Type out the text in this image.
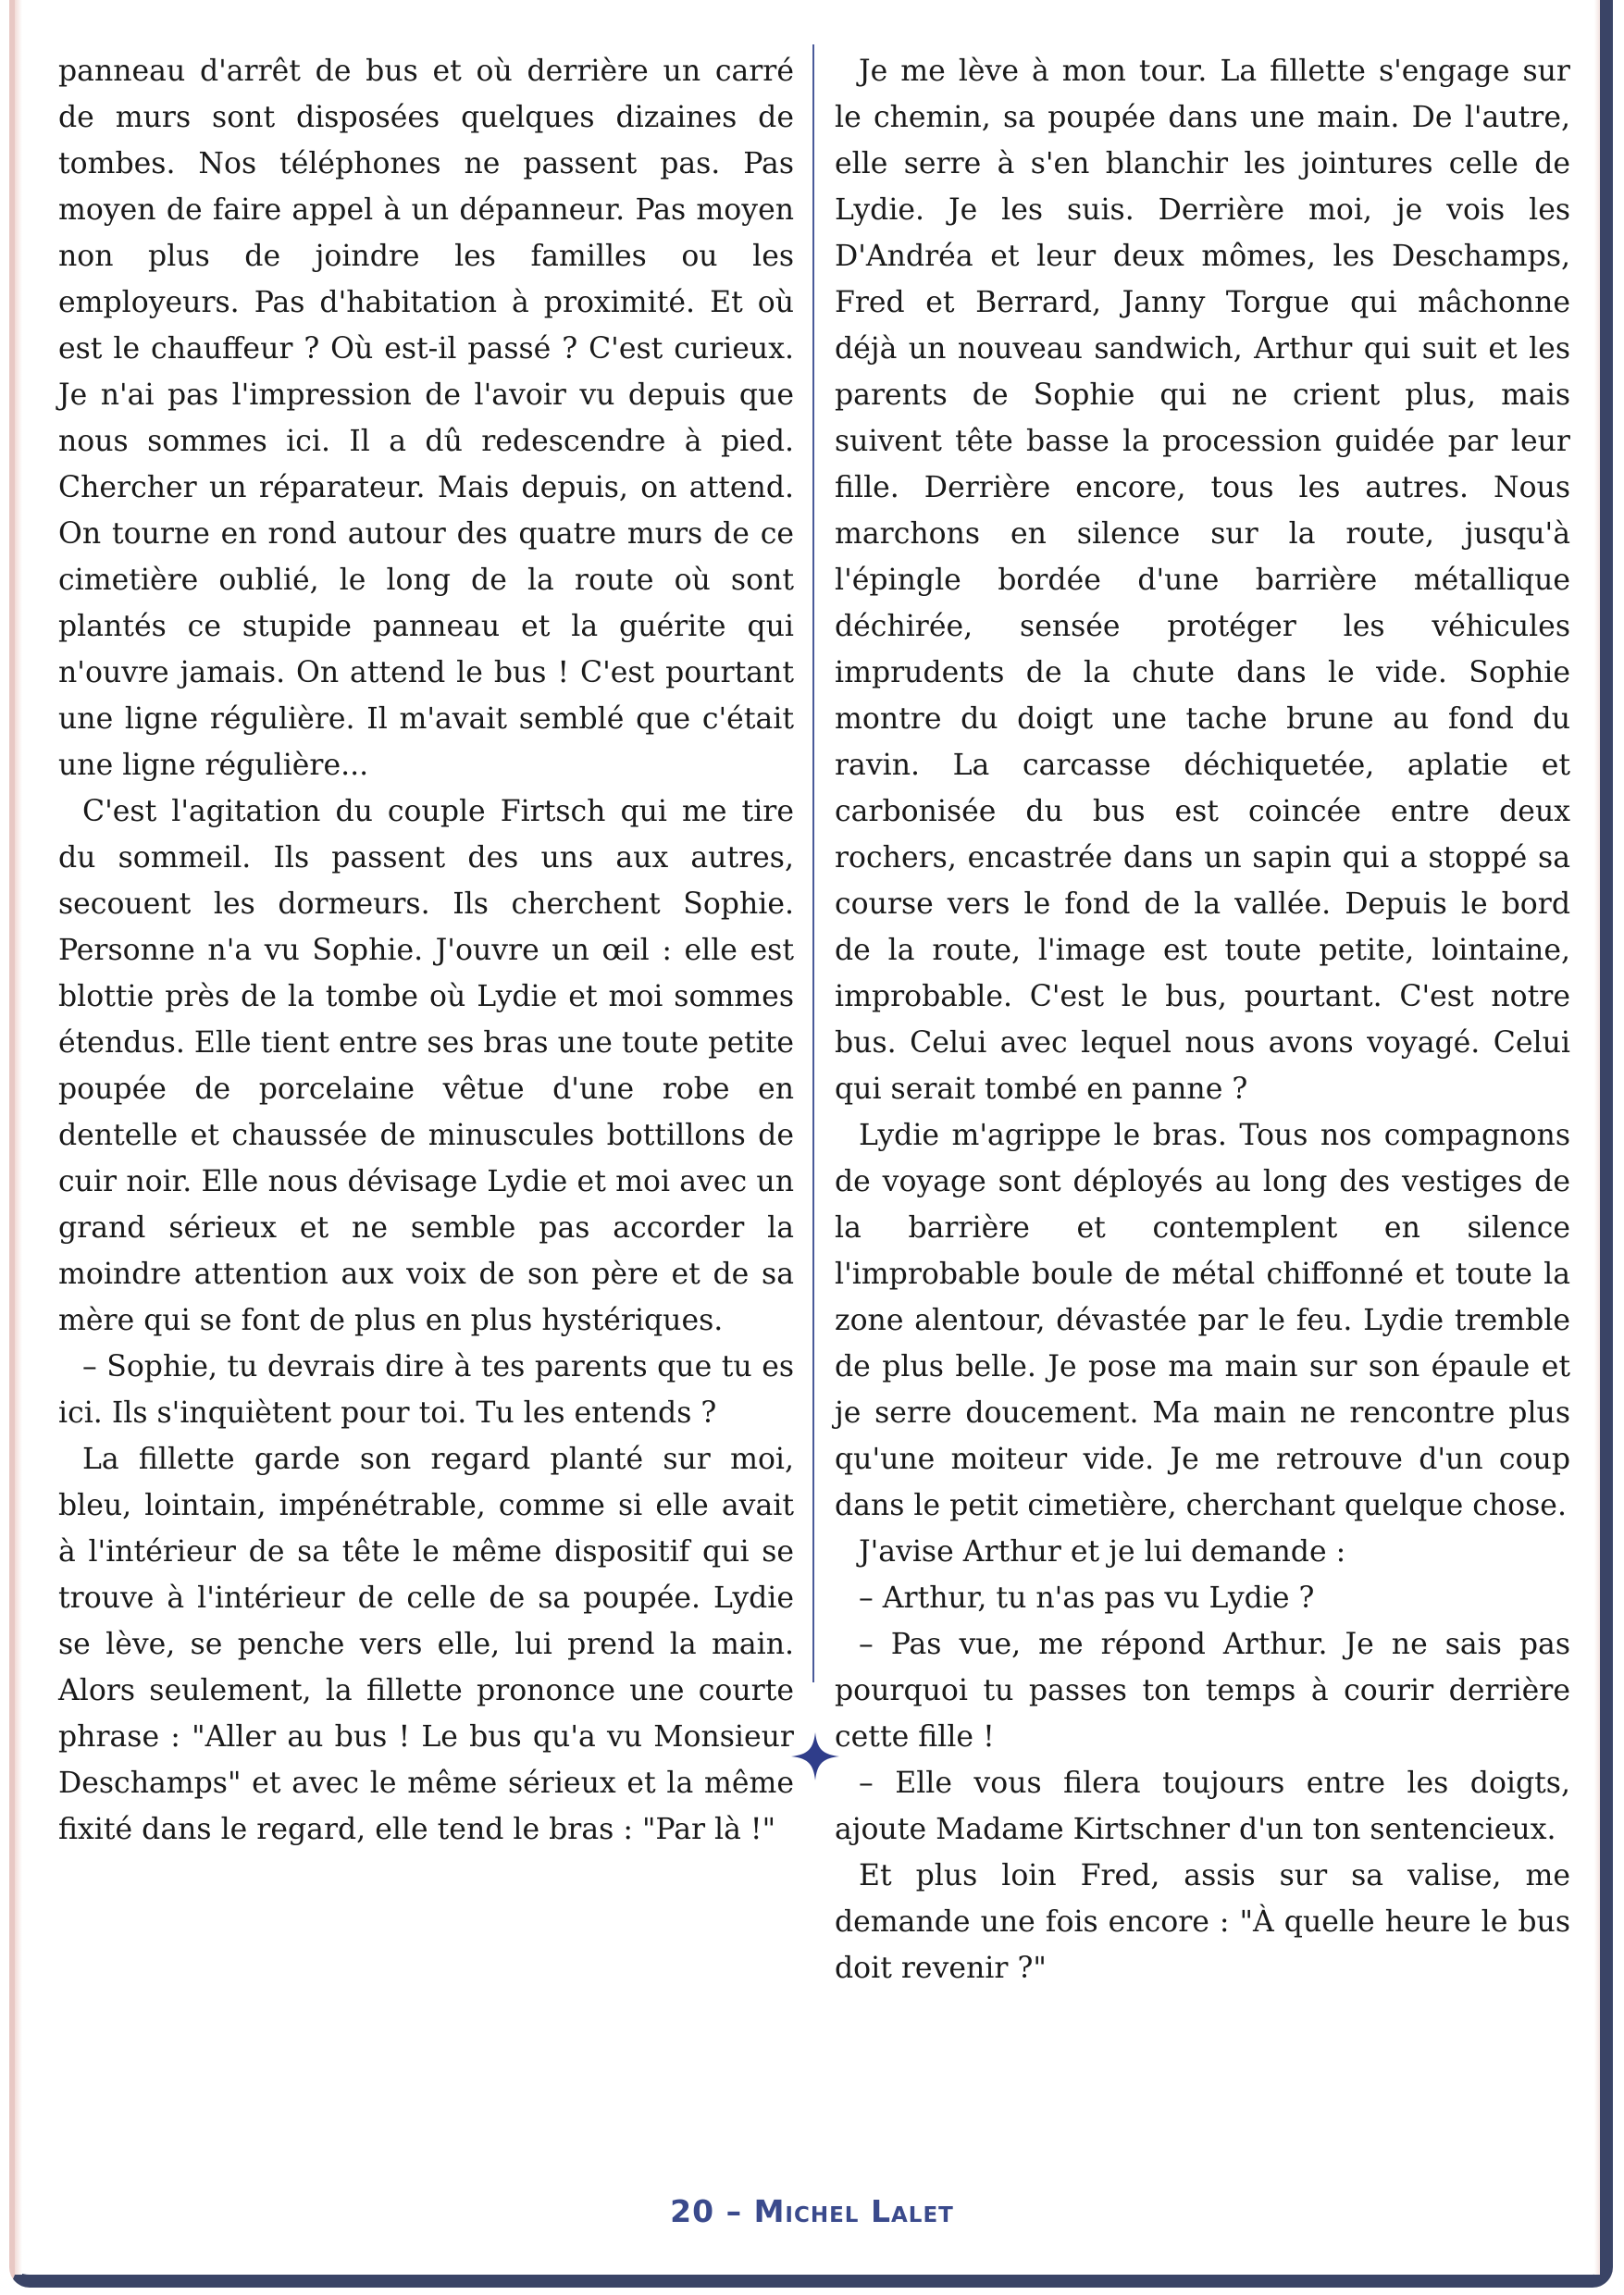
panneau d'arrêt de bus et où derrière un carré de murs sont disposées quelques dizaines de tombes. Nos téléphones ne passent pas. Pas moyen de faire appel à un dépanneur. Pas moyen non plus de joindre les familles ou les employeurs. Pas d'habitation à proximité. Et où est le chauffeur ? Où est-il passé ? C'est curieux. Je n'ai pas l'impression de l'avoir vu depuis que nous sommes ici. Il a dû redescendre à pied. Chercher un réparateur. Mais depuis, on attend. On tourne en rond autour des quatre murs de ce cimetière oublié, le long de la route où sont plantés ce stupide panneau et la guérite qui n'ouvre jamais. On attend le bus ! C'est pourtant une ligne régulière. Il m'avait semblé que c'était une ligne régulière...

C'est l'agitation du couple Firtsch qui me tire du sommeil. Ils passent des uns aux autres, secouent les dormeurs. Ils cherchent Sophie. Personne n'a vu Sophie. J'ouvre un œil : elle est blottie près de la tombe où Lydie et moi sommes étendus. Elle tient entre ses bras une toute petite poupée de porcelaine vêtue d'une robe en dentelle et chaussée de minuscules bottillons de cuir noir. Elle nous dévisage Lydie et moi avec un grand sérieux et ne semble pas accorder la moindre attention aux voix de son père et de sa mère qui se font de plus en plus hystériques.

– Sophie, tu devrais dire à tes parents que tu es ici. Ils s'inquiètent pour toi. Tu les entends ?

La fillette garde son regard planté sur moi, bleu, lointain, impénétrable, comme si elle avait à l'intérieur de sa tête le même dispositif qui se trouve à l'intérieur de celle de sa poupée. Lydie se lève, se penche vers elle, lui prend la main. Alors seulement, la fillette prononce une courte phrase : "Aller au bus ! Le bus qu'a vu Monsieur Deschamps" et avec le même sérieux et la même fixité dans le regard, elle tend le bras : "Par là !"

Je me lève à mon tour. La fillette s'engage sur le chemin, sa poupée dans une main. De l'autre, elle serre à s'en blanchir les jointures celle de Lydie. Je les suis. Derrière moi, je vois les D'Andréa et leur deux mômes, les Deschamps, Fred et Berrard, Janny Torgue qui mâchonne déjà un nouveau sandwich, Arthur qui suit et les parents de Sophie qui ne crient plus, mais suivent tête basse la procession guidée par leur fille. Derrière encore, tous les autres. Nous marchons en silence sur la route, jusqu'à l'épingle bordée d'une barrière métallique déchirée, sensée protéger les véhicules imprudents de la chute dans le vide. Sophie montre du doigt une tache brune au fond du ravin. La carcasse déchiquetée, aplatie et carbonisée du bus est coincée entre deux rochers, encastrée dans un sapin qui a stoppé sa course vers le fond de la vallée. Depuis le bord de la route, l'image est toute petite, lointaine, improbable. C'est le bus, pourtant. C'est notre bus. Celui avec lequel nous avons voyagé. Celui qui serait tombé en panne ?

Lydie m'agrippe le bras. Tous nos compagnons de voyage sont déployés au long des vestiges de la barrière et contemplent en silence l'improbable boule de métal chiffonné et toute la zone alentour, dévastée par le feu. Lydie tremble de plus belle. Je pose ma main sur son épaule et je serre doucement. Ma main ne rencontre plus qu'une moiteur vide. Je me retrouve d'un coup dans le petit cimetière, cherchant quelque chose.

J'avise Arthur et je lui demande :

– Arthur, tu n'as pas vu Lydie ?

– Pas vue, me répond Arthur. Je ne sais pas pourquoi tu passes ton temps à courir derrière cette fille !

– Elle vous filera toujours entre les doigts, ajoute Madame Kirtschner d'un ton sentencieux.

Et plus loin Fred, assis sur sa valise, me demande une fois encore : "À quelle heure le bus doit revenir ?"

20 – Michel Lalet
